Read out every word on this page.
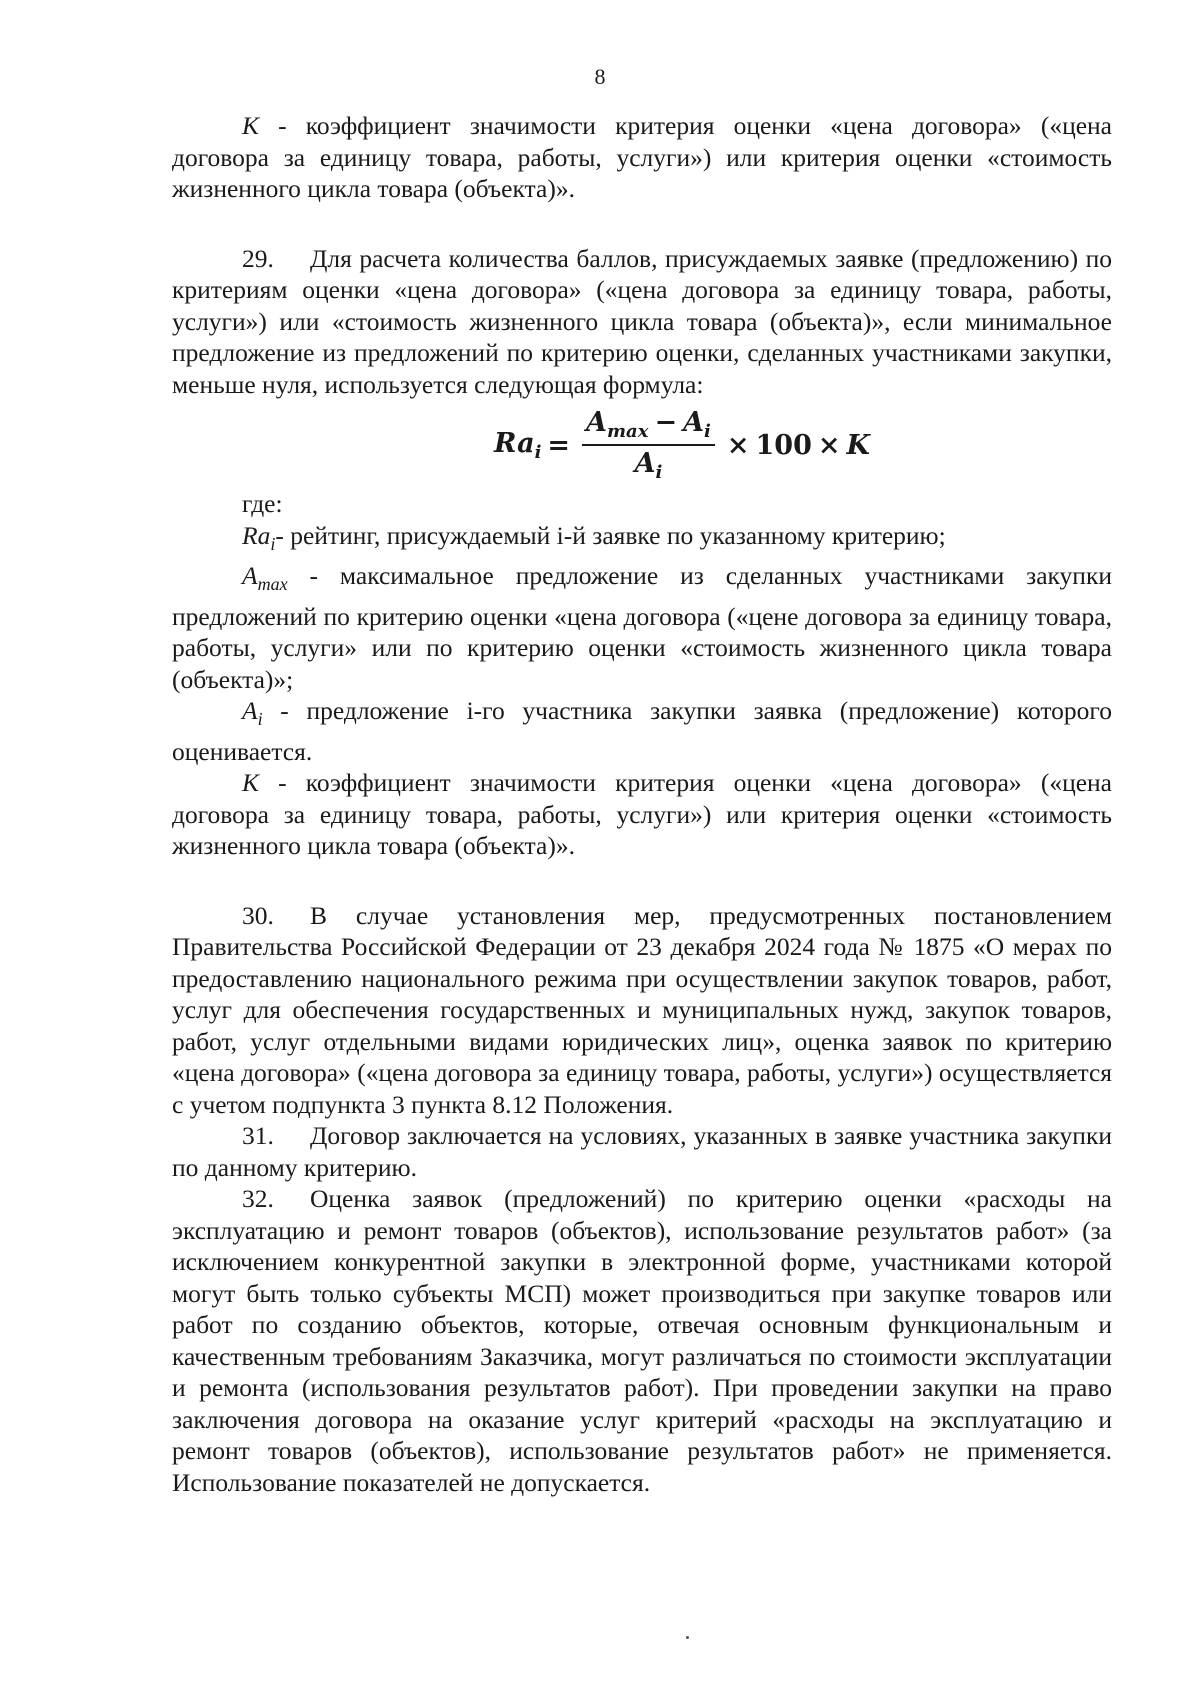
8

K - коэффициент значимости критерия оценки «цена договора» («цена договора за единицу товара, работы, услуги») или критерия оценки «стоимость жизненного цикла товара (объекта)».

29. Для расчета количества баллов, присуждаемых заявке (предложению) по критериям оценки «цена договора» («цена договора за единицу товара, работы, услуги») или «стоимость жизненного цикла товара (объекта)», если минимальное предложение из предложений по критерию оценки, сделанных участниками закупки, меньше нуля, используется следующая формула:

$Ra_i = \frac{A_{max} - A_i}{A_i} \times 100 \times K$

где:

$Ra_i-$ рейтинг, присуждаемый i-й заявке по указанному критерию;

$A_{max}$ - максимальное предложение из сделанных участниками закупки предложений по критерию оценки «цена договора («цене договора за единицу товара, работы, услуги» или по критерию оценки «стоимость жизненного цикла товара (объекта)»;

$A_i$ - предложение i-го участника закупки заявка (предложение) которого оценивается.

K - коэффициент значимости критерия оценки «цена договора» («цена договора за единицу товара, работы, услуги») или критерия оценки «стоимость жизненного цикла товара (объекта)».

30. В случае установления мер, предусмотренных постановлением Правительства Российской Федерации от 23 декабря 2024 года № 1875 «О мерах по предоставлению национального режима при осуществлении закупок товаров, работ, услуг для обеспечения государственных и муниципальных нужд, закупок товаров, работ, услуг отдельными видами юридических лиц», оценка заявок по критерию «цена договора» («цена договора за единицу товара, работы, услуги») осуществляется с учетом подпункта 3 пункта 8.12 Положения.

31. Договор заключается на условиях, указанных в заявке участника закупки по данному критерию.

32. Оценка заявок (предложений) по критерию оценки «расходы на эксплуатацию и ремонт товаров (объектов), использование результатов работ» (за исключением конкурентной закупки в электронной форме, участниками которой могут быть только субъекты МСП) может производиться при закупке товаров или работ по созданию объектов, которые, отвечая основным функциональным и качественным требованиям Заказчика, могут различаться по стоимости эксплуатации и ремонта (использования результатов работ). При проведении закупки на право заключения договора на оказание услуг критерий «расходы на эксплуатацию и ремонт товаров (объектов), использование результатов работ» не применяется. Использование показателей не допускается.
